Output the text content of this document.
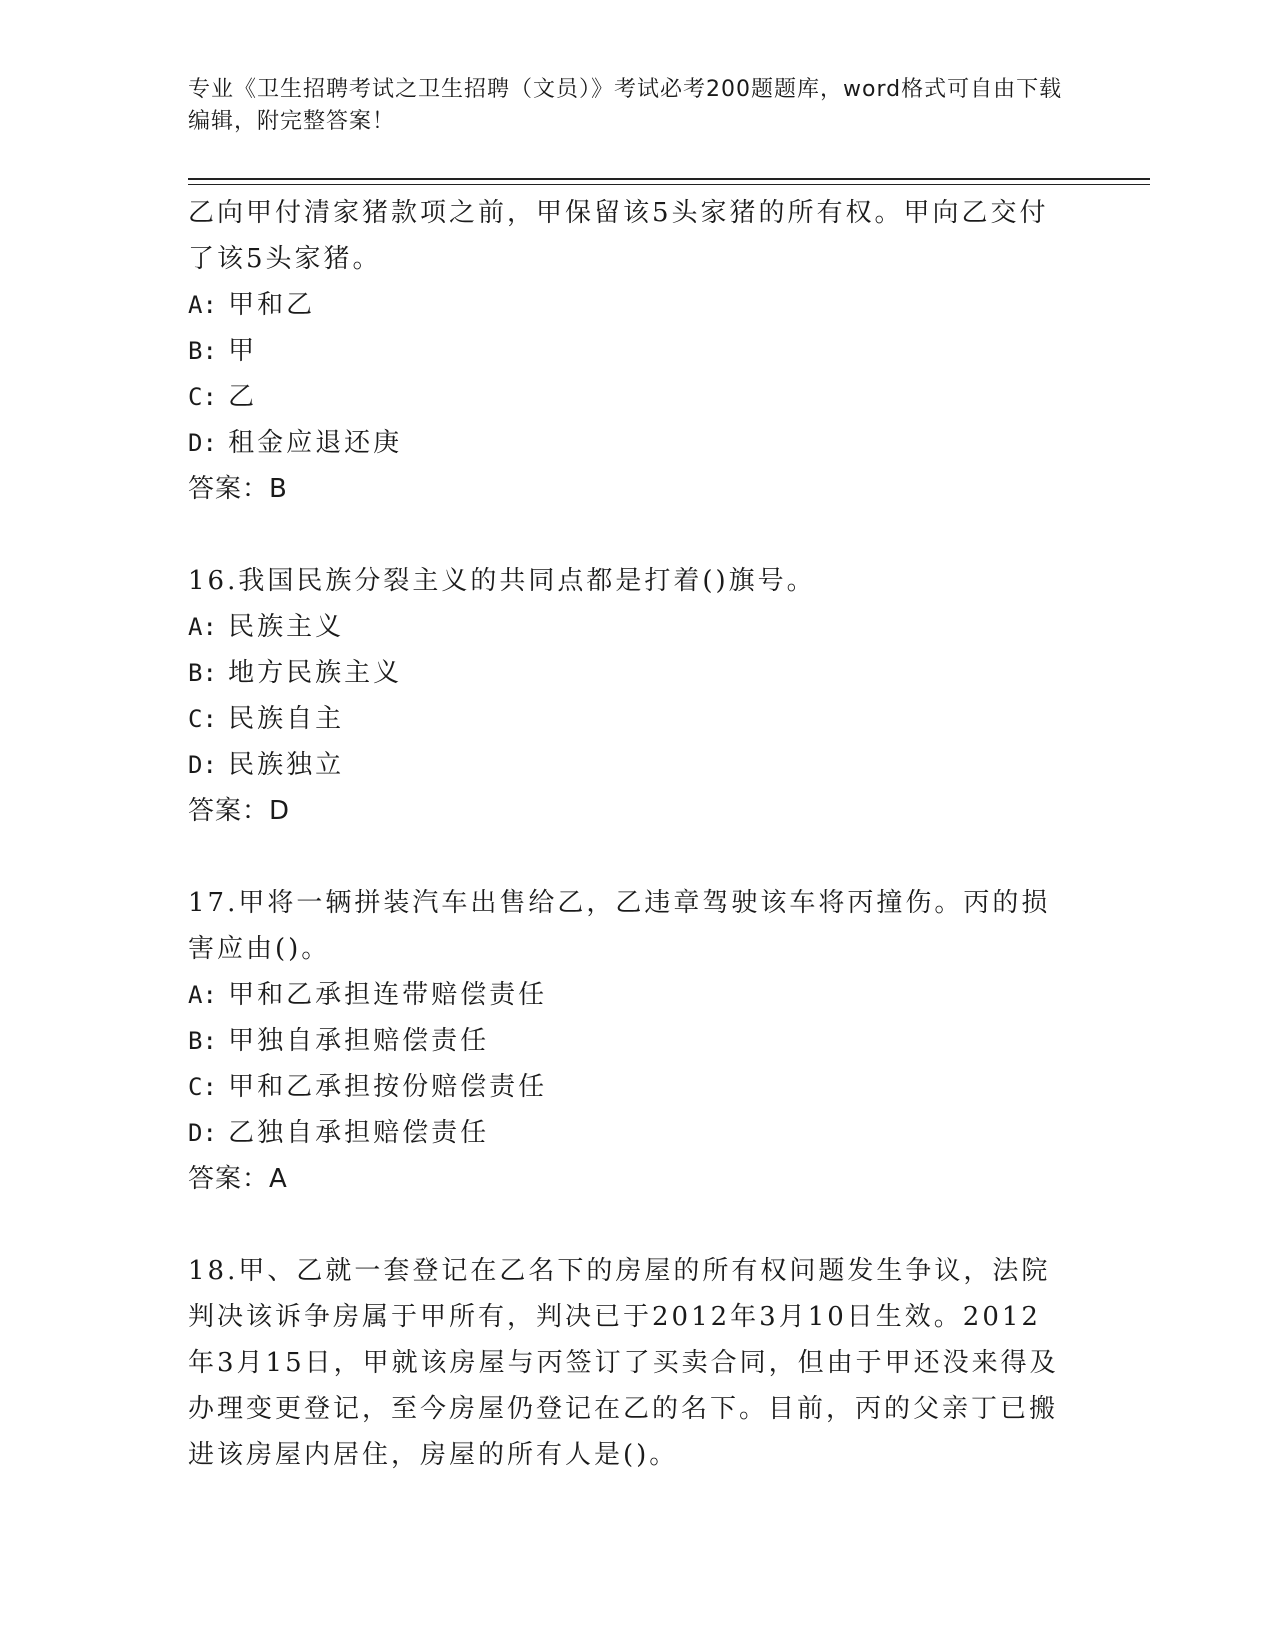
专业《卫生招聘考试之卫生招聘（文员）》考试必考200题题库，word格式可自由下载编辑，附完整答案！

乙向甲付清家猪款项之前，甲保留该5头家猪的所有权。甲向乙交付了该5头家猪。

A: 甲和乙

B: 甲

C: 乙

D: 租金应退还庚

答案：B

16.我国民族分裂主义的共同点都是打着()旗号。

A: 民族主义

B: 地方民族主义

C: 民族自主

D: 民族独立

答案：D

17.甲将一辆拼装汽车出售给乙，乙违章驾驶该车将丙撞伤。丙的损害应由()。

A: 甲和乙承担连带赔偿责任

B: 甲独自承担赔偿责任

C: 甲和乙承担按份赔偿责任

D: 乙独自承担赔偿责任

答案：A

18.甲、乙就一套登记在乙名下的房屋的所有权问题发生争议，法院判决该诉争房属于甲所有，判决已于2012年3月10日生效。2012年3月15日，甲就该房屋与丙签订了买卖合同，但由于甲还没来得及办理变更登记，至今房屋仍登记在乙的名下。目前，丙的父亲丁已搬进该房屋内居住，房屋的所有人是()。
